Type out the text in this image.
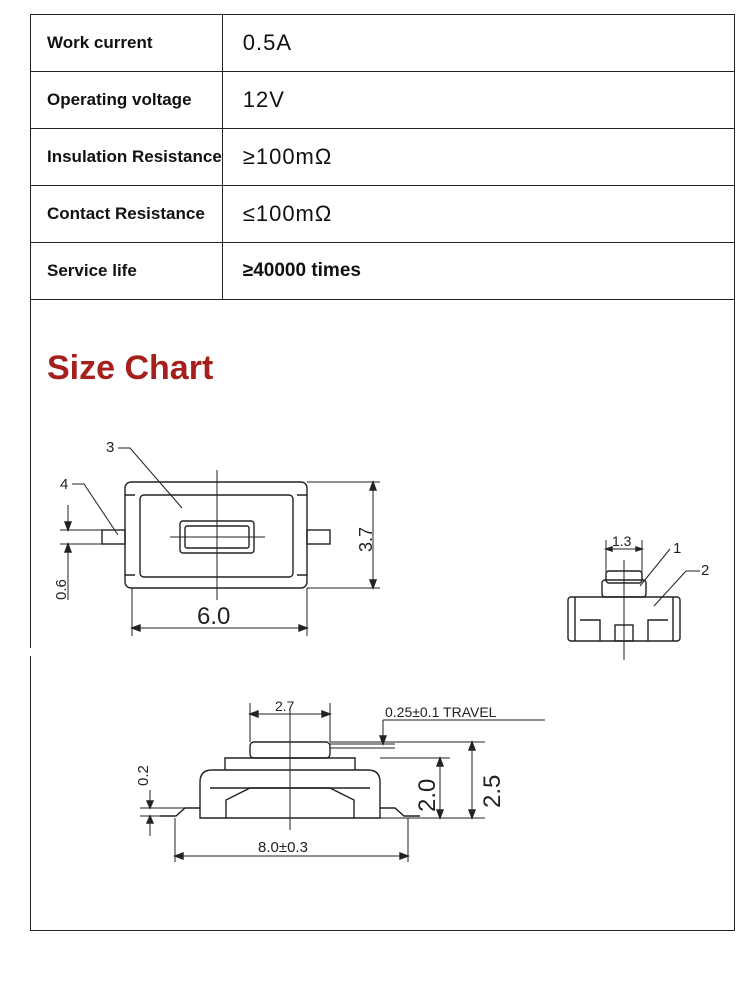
Work current	0.5A
Operating voltage	12V
Insulation Resistance	≥100mΩ
Contact Resistance	≤100mΩ
Service life	≥40000 times
Size Chart
3
4
6.0
3.7
0.6
1.3	1
2
2.7	0.25±0.1 TRAVEL
0.2
2.0 2.5
8.0±0.3
